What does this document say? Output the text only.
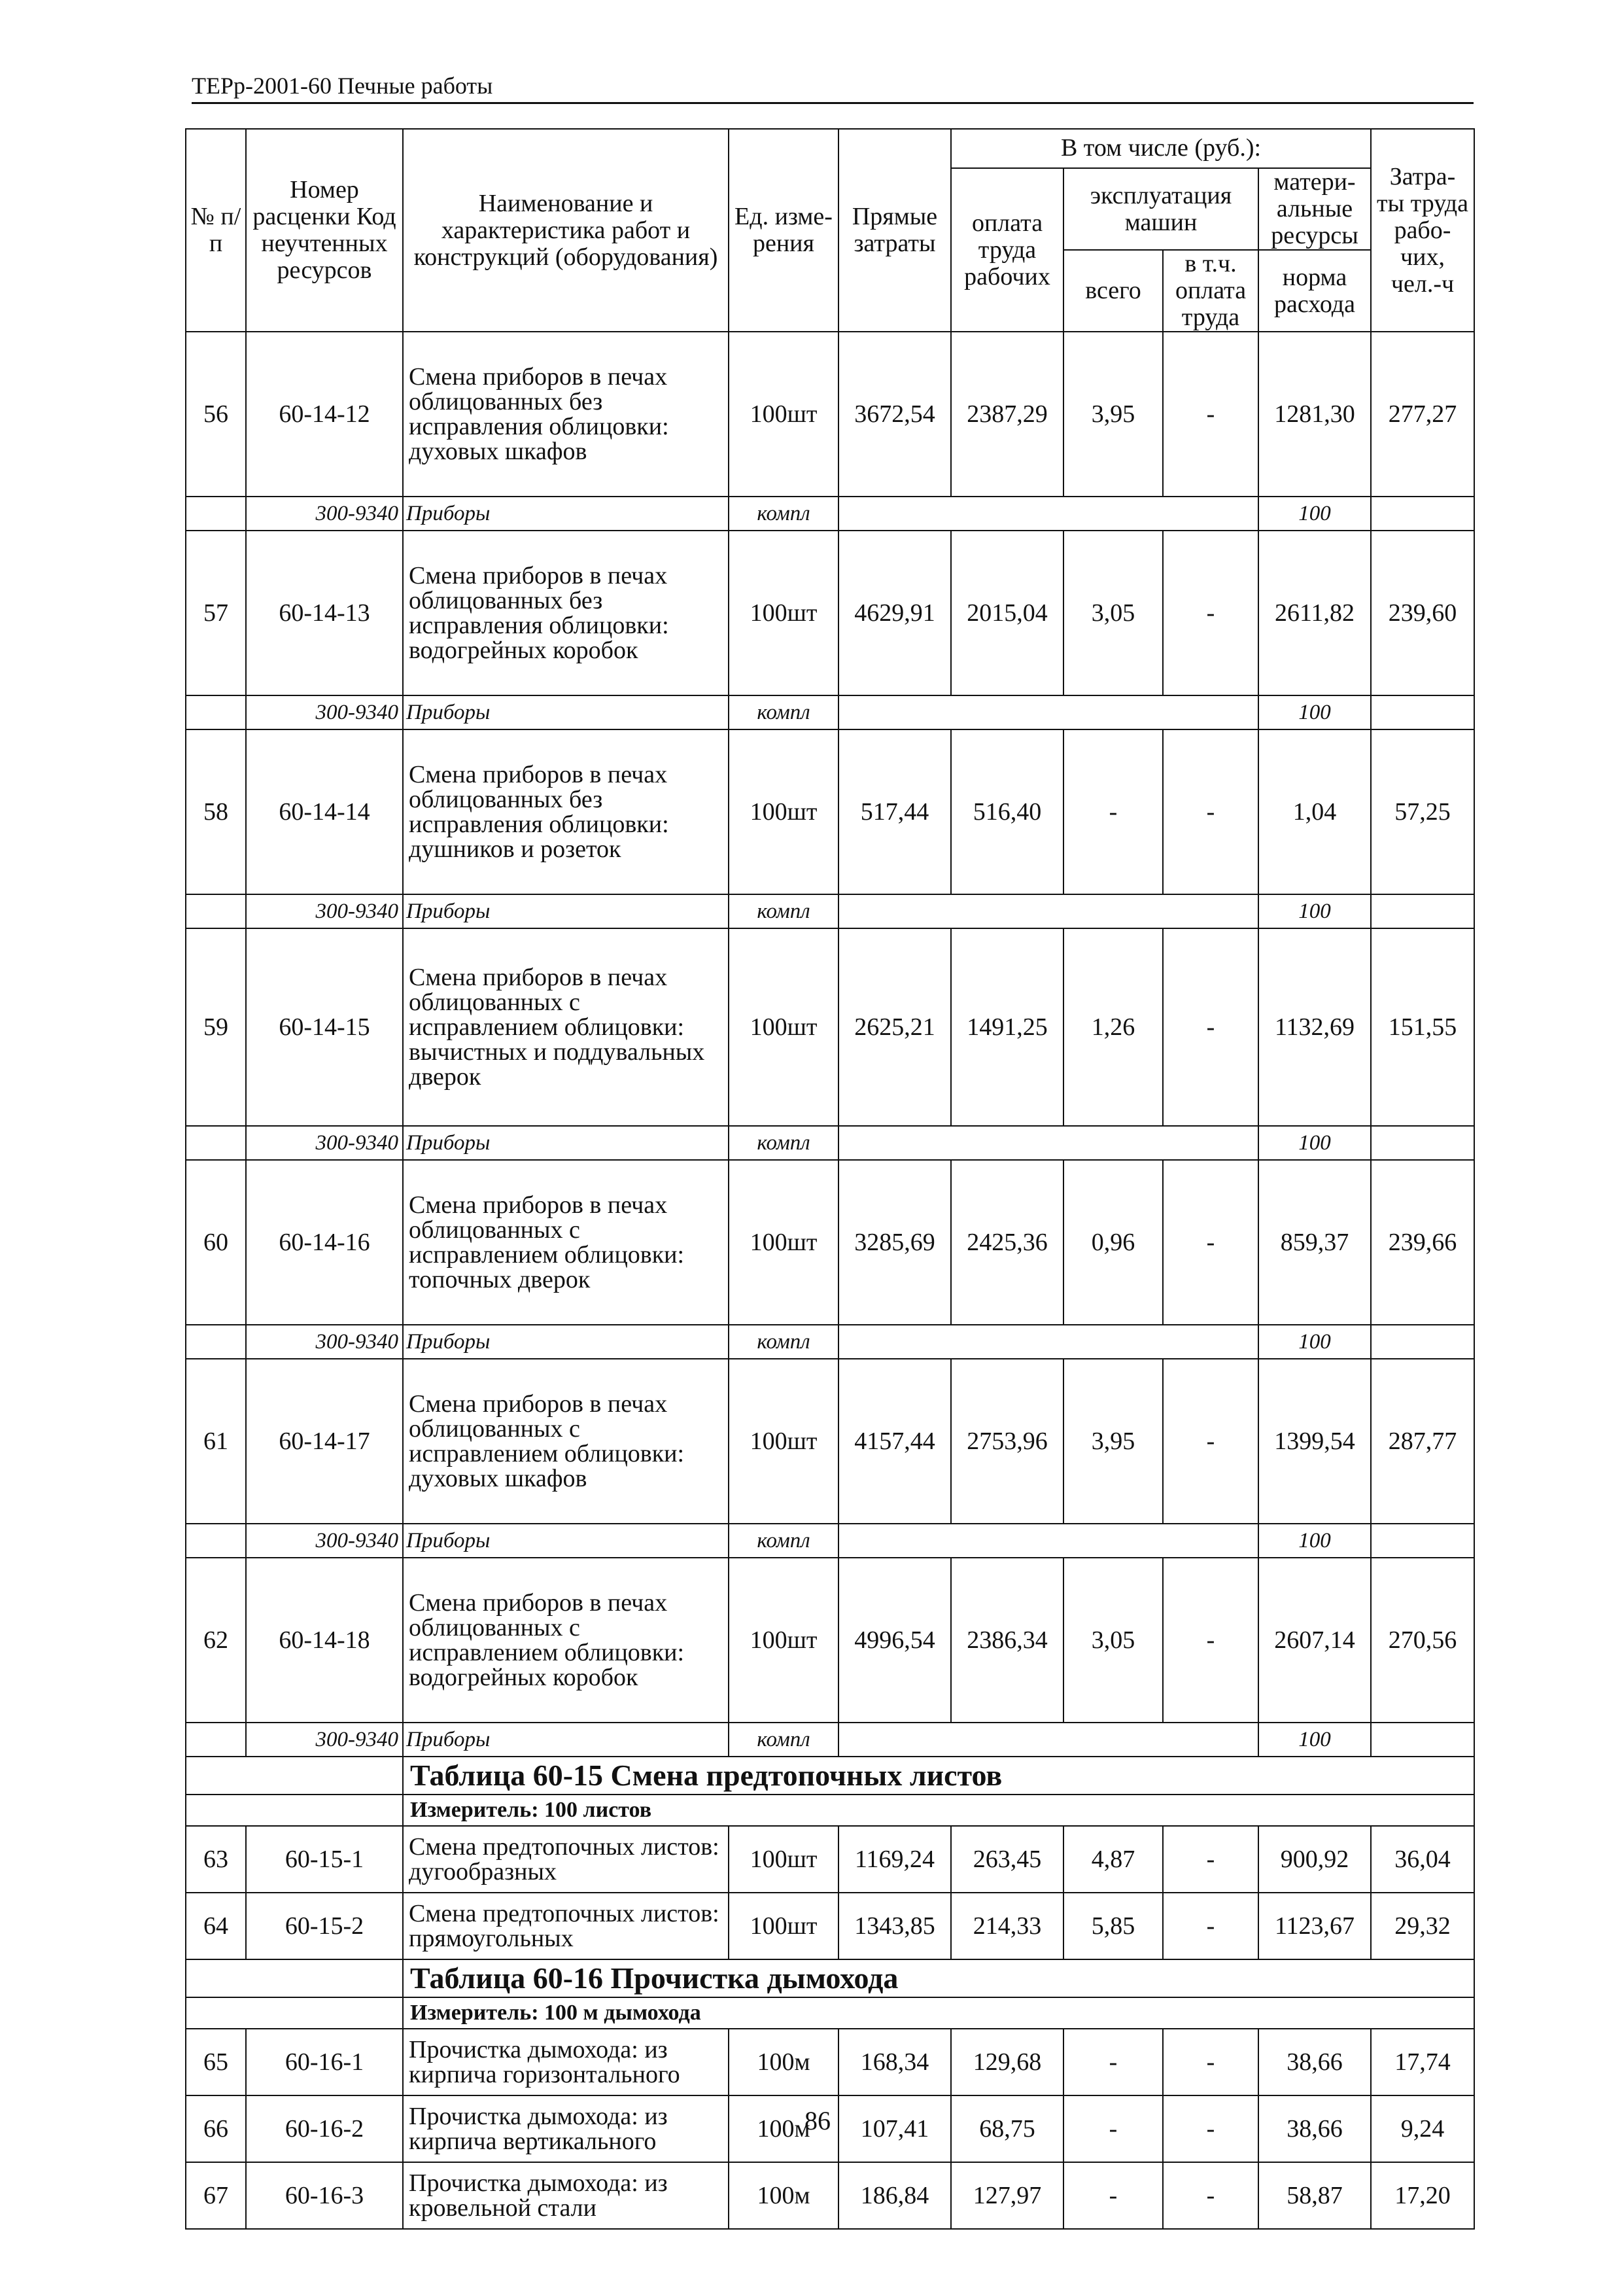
ТЕРр-2001-60 Печные работы
№ п/п	Номер расценки Код неучтенных ресурсов	Наименование и характеристика работ и конструкций (оборудования)	Ед. изме- рения	Прямые затраты	В том числе (руб.):				Затра- ты труда рабо- чих, чел.-ч
					оплата труда рабочих	эксплуатация машин		матери- альные ресурсы	
						всего	в т.ч. оплата труда	норма расхода	

56	60-14-12	Смена приборов в печах облицованных без исправления облицовки: духовых шкафов	100шт	3672,54	2387,29	3,95	-	1281,30	277,27
	300-9340	Приборы	компл					100	
57	60-14-13	Смена приборов в печах облицованных без исправления облицовки: водогрейных коробок	100шт	4629,91	2015,04	3,05	-	2611,82	239,60
	300-9340	Приборы	компл					100	
58	60-14-14	Смена приборов в печах облицованных без исправления облицовки: душников и розеток	100шт	517,44	516,40	-	-	1,04	57,25
	300-9340	Приборы	компл					100	
59	60-14-15	Смена приборов в печах облицованных с исправлением облицовки: вычистных и поддувальных дверок	100шт	2625,21	1491,25	1,26	-	1132,69	151,55
	300-9340	Приборы	компл					100	
60	60-14-16	Смена приборов в печах облицованных с исправлением облицовки: топочных дверок	100шт	3285,69	2425,36	0,96	-	859,37	239,66
	300-9340	Приборы	компл					100	
61	60-14-17	Смена приборов в печах облицованных с исправлением облицовки: духовых шкафов	100шт	4157,44	2753,96	3,95	-	1399,54	287,77
	300-9340	Приборы	компл					100	
62	60-14-18	Смена приборов в печах облицованных с исправлением облицовки: водогрейных коробок	100шт	4996,54	2386,34	3,05	-	2607,14	270,56
	300-9340	Приборы	компл					100	
		Таблица 60-15 Смена предтопочных листов							
		Измеритель: 100 листов							
63	60-15-1	Смена предтопочных листов: дугообразных	100шт	1169,24	263,45	4,87	-	900,92	36,04
64	60-15-2	Смена предтопочных листов: прямоугольных	100шт	1343,85	214,33	5,85	-	1123,67	29,32
		Таблица 60-16 Прочистка дымохода							
		Измеритель: 100 м дымохода							
65	60-16-1	Прочистка дымохода: из кирпича горизонтального	100м	168,34	129,68	-	-	38,66	17,74
66	60-16-2	Прочистка дымохода: из кирпича вертикального	100м	107,41	68,75	-	-	38,66	9,24
67	60-16-3	Прочистка дымохода: из кровельной стали	100м	186,84	127,97	-	-	58,87	17,20
86
